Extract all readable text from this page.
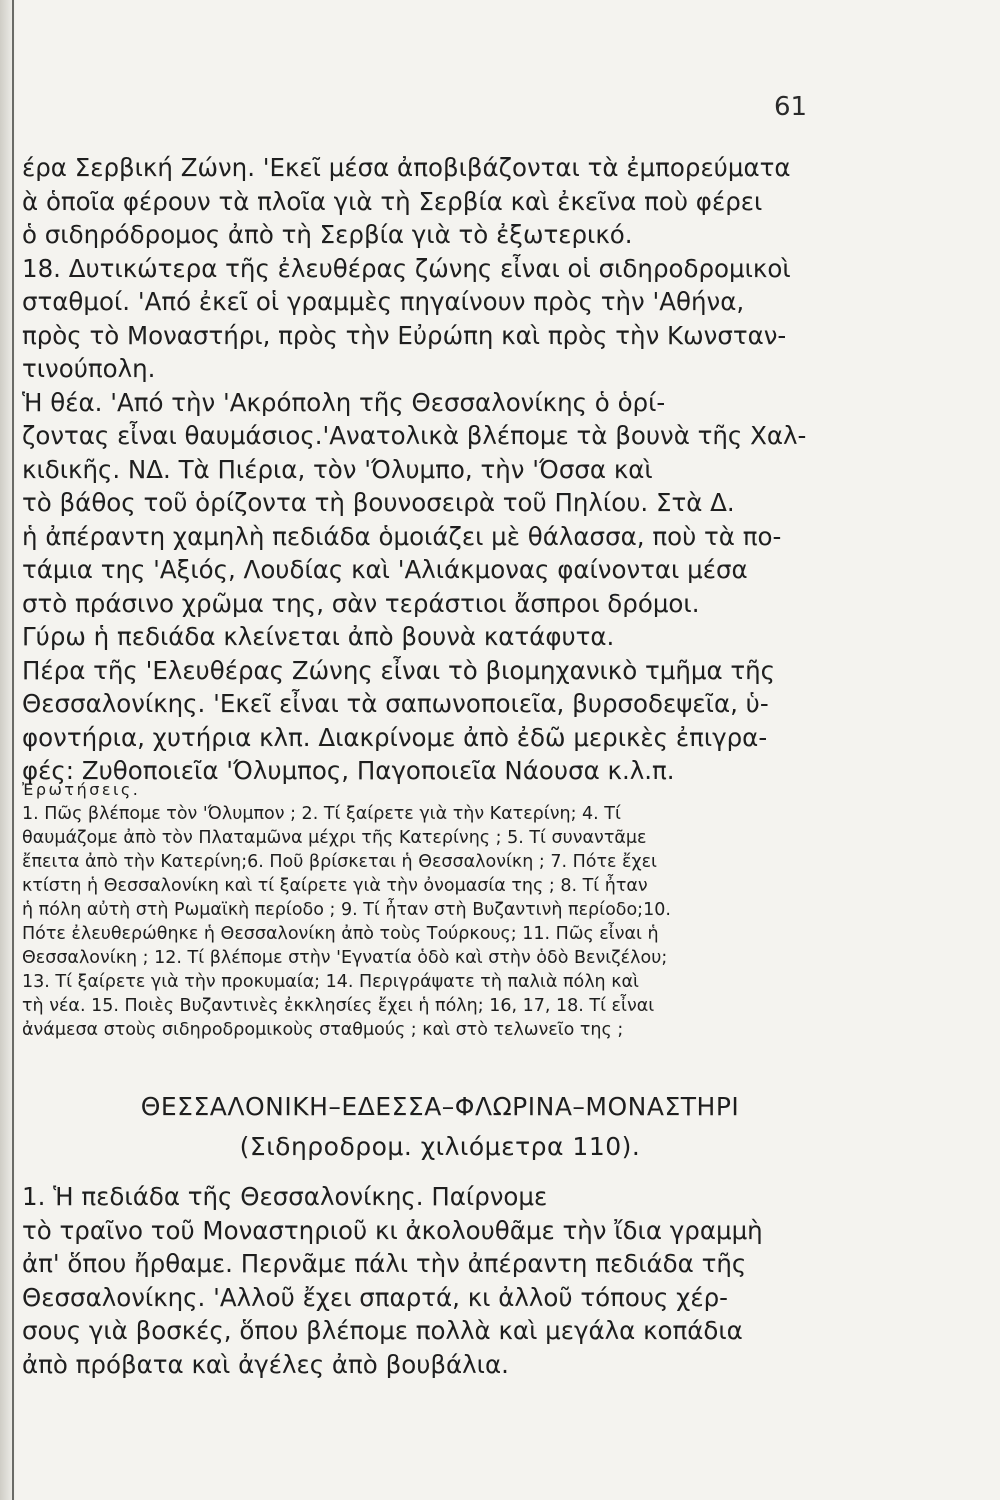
61
έρα Σερβική Ζώνη. 'Εκεῖ μέσα ἀποβιβάζονται τὰ ἐμπορεύματα
ὰ ὁποῖα φέρουν τὰ πλοῖα γιὰ τὴ Σερβία καὶ ἐκεῖνα ποὺ φέρει
ὁ σιδηρόδρομος ἀπὸ τὴ Σερβία γιὰ τὸ ἐξωτερικό.
18. Δυτικώτερα τῆς ἐλευθέρας ζώνης εἶναι οἱ σιδηροδρομικοὶ
σταθμοί. 'Από ἐκεῖ οἱ γραμμὲς πηγαίνουν πρὸς τὴν 'Αθήνα,
πρὸς τὸ Μοναστήρι, πρὸς τὴν Εὐρώπη καὶ πρὸς τὴν Κωνσταν-
τινούπολη.
Ἡ θέα. 'Από τὴν 'Ακρόπολη τῆς Θεσσαλονίκης ὁ ὁρί-
ζοντας εἶναι θαυμάσιος.'Ανατολικὰ βλέπομε τὰ βουνὰ τῆς Χαλ-
κιδικῆς. ΝΔ. Τὰ Πιέρια, τὸν 'Όλυμπο, τὴν 'Όσσα καὶ
τὸ βάθος τοῦ ὁρίζοντα τὴ βουνοσειρὰ τοῦ Πηλίου. Στὰ Δ.
ἡ ἀπέραντη χαμηλὴ πεδιάδα ὁμοιάζει μὲ θάλασσα, ποὺ τὰ πο-
τάμια της 'Αξιός, Λουδίας καὶ 'Αλιάκμονας φαίνονται μέσα
στὸ πράσινο χρῶμα της, σὰν τεράστιοι ἄσπροι δρόμοι.
Γύρω ἡ πεδιάδα κλείνεται ἀπὸ βουνὰ κατάφυτα.
Πέρα τῆς 'Ελευθέρας Ζώνης εἶναι τὸ βιομηχανικὸ τμῆμα τῆς
Θεσσαλονίκης. 'Εκεῖ εἶναι τὰ σαπωνοποιεῖα, βυρσοδεψεῖα, ὑ-
φοντήρια, χυτήρια κλπ. Διακρίνομε ἀπὸ ἐδῶ μερικὲς ἐπιγρα-
φές: Ζυθοποιεῖα 'Όλυμπος, Παγοποιεῖα Νάουσα κ.λ.π.
Ἐρωτήσεις.
1. Πῶς βλέπομε τὸν 'Όλυμπον ; 2. Τί ξαίρετε γιὰ τὴν Κατερίνη; 4. Τί
θαυμάζομε ἀπὸ τὸν Πλαταμῶνα μέχρι τῆς Κατερίνης ; 5. Τί συναντᾶμε
ἔπειτα ἀπὸ τὴν Κατερίνη;6. Ποῦ βρίσκεται ἡ Θεσσαλονίκη ; 7. Πότε ἔχει
κτίστη ἡ Θεσσαλονίκη καὶ τί ξαίρετε γιὰ τὴν ὀνομασία της ; 8. Τί ἦταν
ἡ πόλη αὐτὴ στὴ Ρωμαϊκὴ περίοδο ; 9. Τί ἦταν στὴ Βυζαντινὴ περίοδο;10.
Πότε ἐλευθερώθηκε ἡ Θεσσαλονίκη ἀπὸ τοὺς Τούρκους; 11. Πῶς εἶναι ἡ
Θεσσαλονίκη ; 12. Τί βλέπομε στὴν 'Εγνατία ὁδὸ καὶ στὴν ὁδὸ Βενιζέλου;
13. Τί ξαίρετε γιὰ τὴν προκυμαία; 14. Περιγράψατε τὴ παλιὰ πόλη καὶ
τὴ νέα. 15. Ποιὲς Βυζαντινὲς ἐκκλησίες ἔχει ἡ πόλη; 16, 17, 18. Τί εἶναι
ἀνάμεσα στοὺς σιδηροδρομικοὺς σταθμούς ; καὶ στὸ τελωνεῖο της ;
ΘΕΣΣΑΛΟΝΙΚΗ–ΕΔΕΣΣΑ–ΦΛΩΡΙΝΑ–ΜΟΝΑΣΤΗΡΙ
(Σιδηροδρομ. χιλιόμετρα 110).
1. Ἡ πεδιάδα τῆς Θεσσαλονίκης. Παίρνομε
τὸ τραῖνο τοῦ Μοναστηριοῦ κι ἀκολουθᾶμε τὴν ἴδια γραμμὴ
ἀπ' ὅπου ἤρθαμε. Περνᾶμε πάλι τὴν ἀπέραντη πεδιάδα τῆς
Θεσσαλονίκης. 'Αλλοῦ ἔχει σπαρτά, κι ἀλλοῦ τόπους χέρ-
σους γιὰ βοσκές, ὅπου βλέπομε πολλὰ καὶ μεγάλα κοπάδια
ἀπὸ πρόβατα καὶ ἀγέλες ἀπὸ βουβάλια.
